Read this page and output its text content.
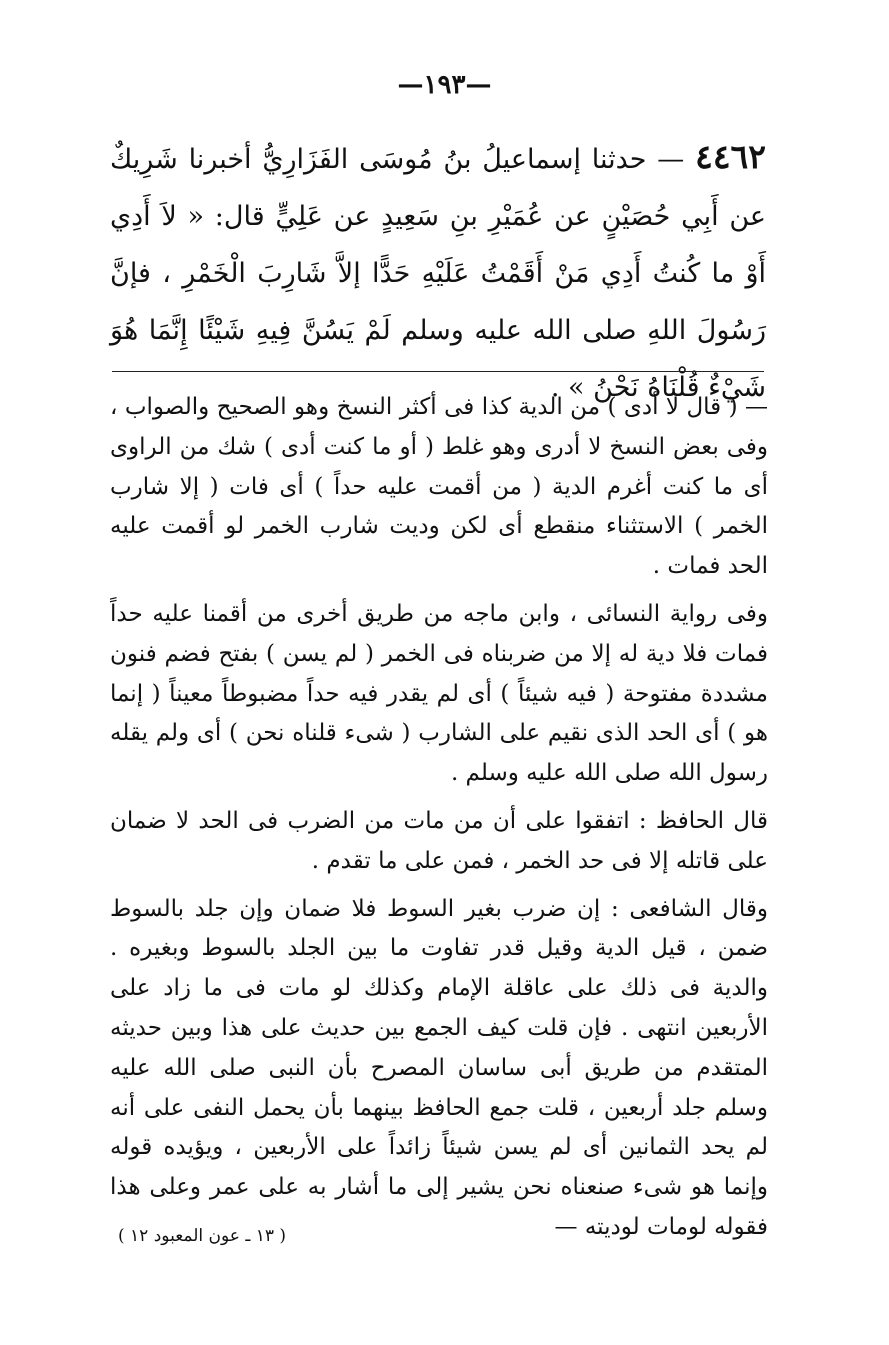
—١٩٣—
٤٤٦٢ — حدثنا إسماعيلُ بنُ مُوسَى الفَزَارِيُّ أخبرنا شَرِيكٌ عن أَبِي حُصَيْنٍ عن عُمَيْرِ بنِ سَعِيدٍ عن عَلِيٍّ قال: « لاَ أَدِي أَوْ ما كُنتُ أَدِي مَنْ أَقَمْتُ عَلَيْهِ حَدًّا إلاَّ شَارِبَ الْخَمْرِ ، فإنَّ رَسُولَ اللهِ صلى الله عليه وسلم لَمْ يَسُنَّ فِيهِ شَيْئًا إِنَّمَا هُوَ شَيْءٌ قُلْنَاهُ نَحْنُ » .

— ( قال لا أدى ) من الدية كذا فى أكثر النسخ وهو الصحيح والصواب ، وفى بعض النسخ لا أدرى وهو غلط ( أو ما كنت أدى ) شك من الراوى أى ما كنت أغرم الدية ( من أقمت عليه حداً ) أى فات ( إلا شارب الخمر ) الاستثناء منقطع أى لكن وديت شارب الخمر لو أقمت عليه الحد فمات .

وفى رواية النسائى ، وابن ماجه من طريق أخرى من أقمنا عليه حداً فمات فلا دية له إلا من ضربناه فى الخمر ( لم يسن ) بفتح فضم فنون مشددة مفتوحة ( فيه شيئاً ) أى لم يقدر فيه حداً مضبوطاً معيناً ( إنما هو ) أى الحد الذى نقيم على الشارب ( شىء قلناه نحن ) أى ولم يقله رسول الله صلى الله عليه وسلم .

قال الحافظ : اتفقوا على أن من مات من الضرب فى الحد لا ضمان على قاتله إلا فى حد الخمر ، فمن على ما تقدم .

وقال الشافعى : إن ضرب بغير السوط فلا ضمان وإن جلد بالسوط ضمن ، قيل الدية وقيل قدر تفاوت ما بين الجلد بالسوط وبغيره . والدية فى ذلك على عاقلة الإمام وكذلك لو مات فى ما زاد على الأربعين انتهى . فإن قلت كيف الجمع بين حديث على هذا وبين حديثه المتقدم من طريق أبى ساسان المصرح بأن النبى صلى الله عليه وسلم جلد أربعين ، قلت جمع الحافظ بينهما بأن يحمل النفى على أنه لم يحد الثمانين أى لم يسن شيئاً زائداً على الأربعين ، ويؤيده قوله وإنما هو شىء صنعناه نحن يشير إلى ما أشار به على عمر وعلى هذا فقوله لومات لوديته —

( ١٣ ـ عون المعبود ١٢ )
